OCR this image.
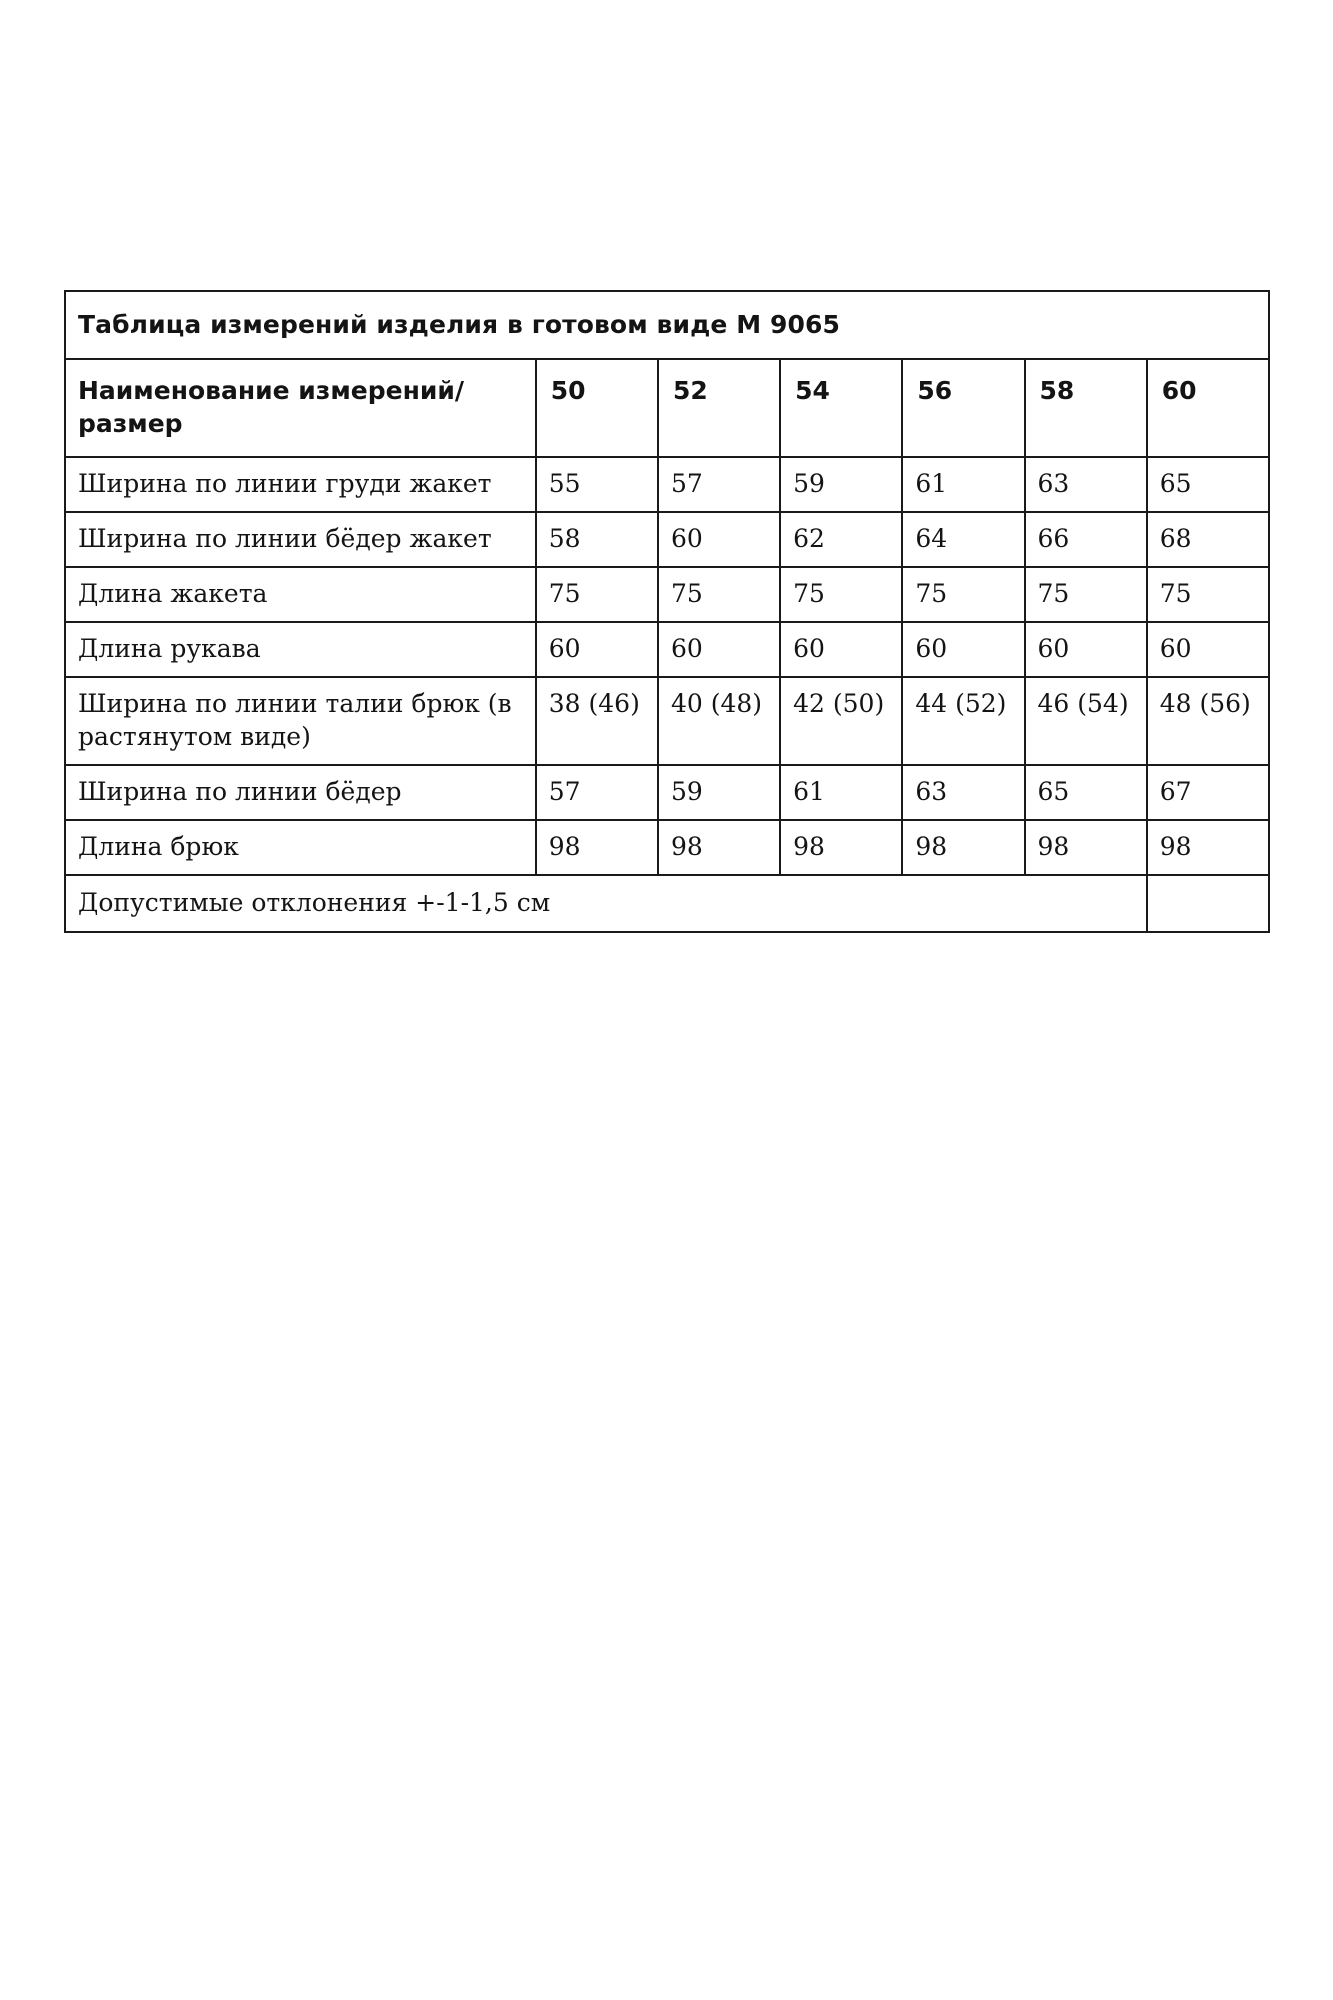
Таблица измерений изделия в готовом виде М 9065						
Наименование измерений/размер	50	52	54	56	58	60
Ширина по линии груди жакет	55	57	59	61	63	65
Ширина по линии бёдер жакет	58	60	62	64	66	68
Длина жакета	75	75	75	75	75	75
Длина рукава	60	60	60	60	60	60
Ширина по линии талии брюк (в растянутом виде)	38 (46)	40 (48)	42 (50)	44 (52)	46 (54)	48 (56)
Ширина по линии бёдер	57	59	61	63	65	67
Длина брюк	98	98	98	98	98	98
Допустимые отклонения +-1-1,5 см						
